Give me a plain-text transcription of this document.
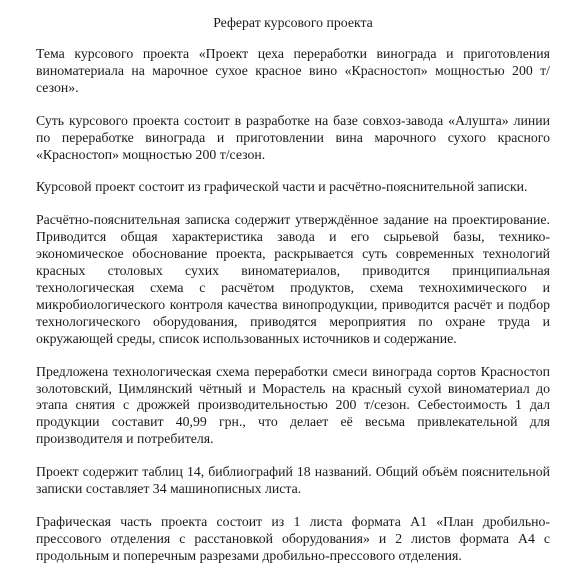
Реферат курсового проекта

Тема курсового проекта «Проект цеха переработки винограда и приготовления виноматериала на марочное сухое красное вино «Красностоп» мощностью 200 т/сезон».

Суть курсового проекта состоит в разработке на базе совхоз-завода «Алушта» линии по переработке винограда и приготовлении вина марочного сухого красного «Красностоп» мощностью 200 т/сезон.

Курсовой проект состоит из графической части и расчётно-пояснительной записки.

Расчётно-пояснительная записка содержит утверждённое задание на проектирование. Приводится общая характеристика завода и его сырьевой базы, технико-экономическое обоснование проекта, раскрывается суть современных технологий красных столовых сухих виноматериалов, приводится принципиальная технологическая схема с расчётом продуктов, схема технохимического и микробиологического контроля качества винопродукции, приводится расчёт и подбор технологического оборудования, приводятся мероприятия по охране труда и окружающей среды, список использованных источников и содержание.

Предложена технологическая схема переработки смеси винограда сортов Красностоп золотовский, Цимлянский чётный и Морастель на красный сухой виноматериал до этапа снятия с дрожжей производительностью 200 т/сезон. Себестоимость 1 дал продукции составит 40,99 грн., что делает её весьма привлекательной для производителя и потребителя.

Проект содержит таблиц 14, библиографий 18 названий. Общий объём пояснительной записки составляет 34 машинописных листа.

Графическая часть проекта состоит из 1 листа формата А1 «План дробильно-прессового отделения с расстановкой оборудования» и 2 листов формата А4 с продольным и поперечным разрезами дробильно-прессового отделения.
